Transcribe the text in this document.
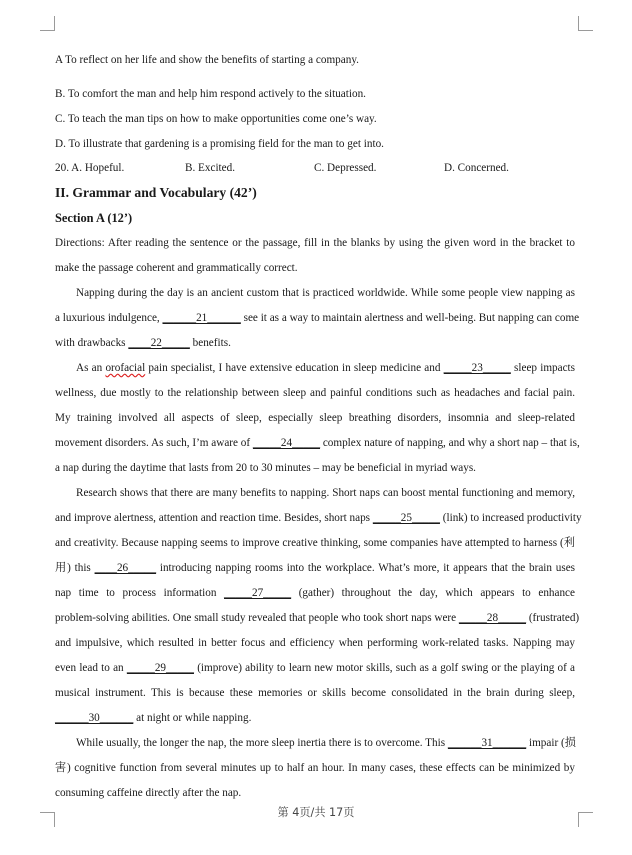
A To reflect on her life and show the benefits of starting a company.
B. To comfort the man and help him respond actively to the situation.
C. To teach the man tips on how to make opportunities come one’s way.
D. To illustrate that gardening is a promising field for the man to get into.
20. A. Hopeful.	B. Excited.	C. Depressed.	D. Concerned.
II. Grammar and Vocabulary (42’)
Section A (12’)
Directions: After reading the sentence or the passage, fill in the blanks by using the given word in the bracket to
make the passage coherent and grammatically correct.
Napping during the day is an ancient custom that is practiced worldwide. While some people view napping as
a luxurious indulgence, ______21______ see it as a way to maintain alertness and well-being. But napping can come
with drawbacks ____22_____ benefits.
As an orofacial pain specialist, I have extensive education in sleep medicine and _____23_____ sleep impacts
wellness, due mostly to the relationship between sleep and painful conditions such as headaches and facial pain.
My training involved all aspects of sleep, especially sleep breathing disorders, insomnia and sleep-related
movement disorders. As such, I’m aware of _____24_____ complex nature of napping, and why a short nap – that is,
a nap during the daytime that lasts from 20 to 30 minutes – may be beneficial in myriad ways.
Research shows that there are many benefits to napping. Short naps can boost mental functioning and memory,
and improve alertness, attention and reaction time. Besides, short naps _____25_____ (link) to increased productivity
and creativity. Because napping seems to improve creative thinking, some companies have attempted to harness (利
用) this ____26_____ introducing napping rooms into the workplace. What’s more, it appears that the brain uses
nap time to process information _____27_____ (gather) throughout the day, which appears to enhance
problem-solving abilities. One small study revealed that people who took short naps were _____28_____ (frustrated)
and impulsive, which resulted in better focus and efficiency when performing work-related tasks. Napping may
even lead to an _____29_____ (improve) ability to learn new motor skills, such as a golf swing or the playing of a
musical instrument. This is because these memories or skills become consolidated in the brain during sleep,
______30______ at night or while napping.
While usually, the longer the nap, the more sleep inertia there is to overcome. This ______31______ impair (损
害) cognitive function from several minutes up to half an hour. In many cases, these effects can be minimized by
consuming caffeine directly after the nap.
第 4页/共 17页
